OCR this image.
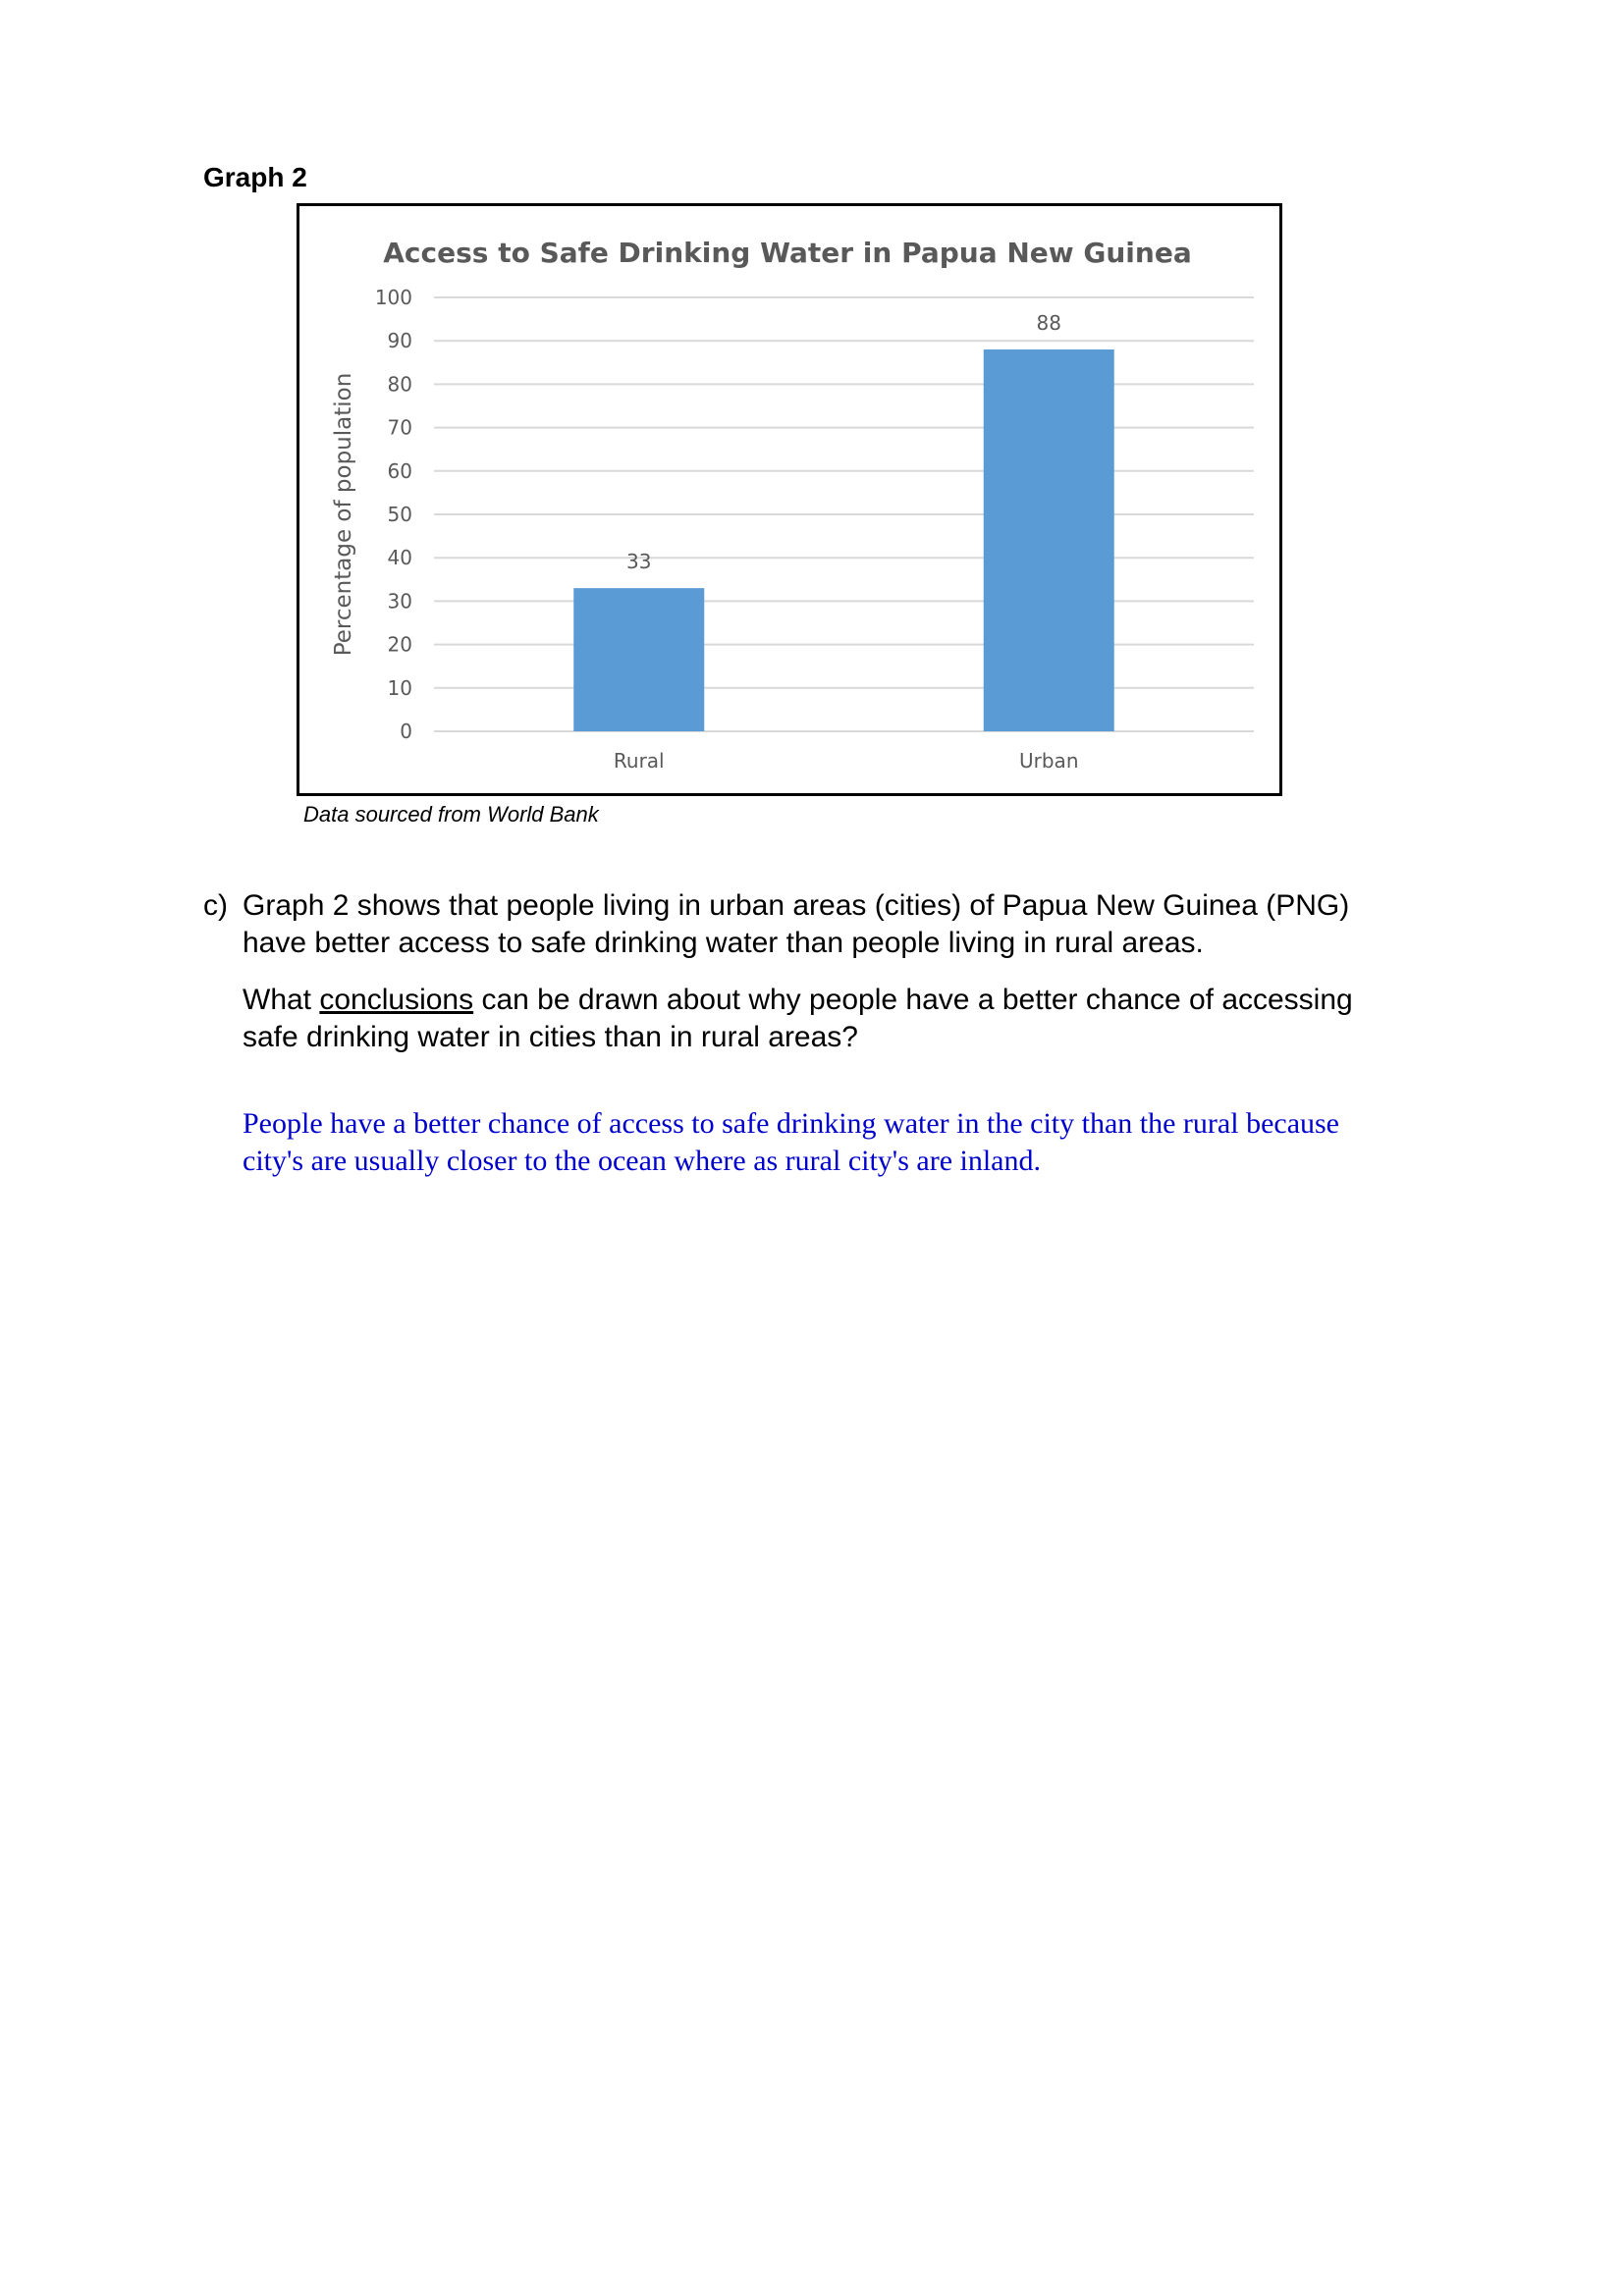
Graph 2
Access to Safe Drinking Water in Papua New Guinea
Percentage of population
0
10
20
30
40
50
60
70
80
90
100
33
88
Rural	Urban
Data sourced from World Bank
c) Graph 2 shows that people living in urban areas (cities) of Papua New Guinea (PNG)
have better access to safe drinking water than people living in rural areas.
What conclusions can be drawn about why people have a better chance of accessing
safe drinking water in cities than in rural areas?
People have a better chance of access to safe drinking water in the city than the rural because
city's are usually closer to the ocean where as rural city's are inland.
